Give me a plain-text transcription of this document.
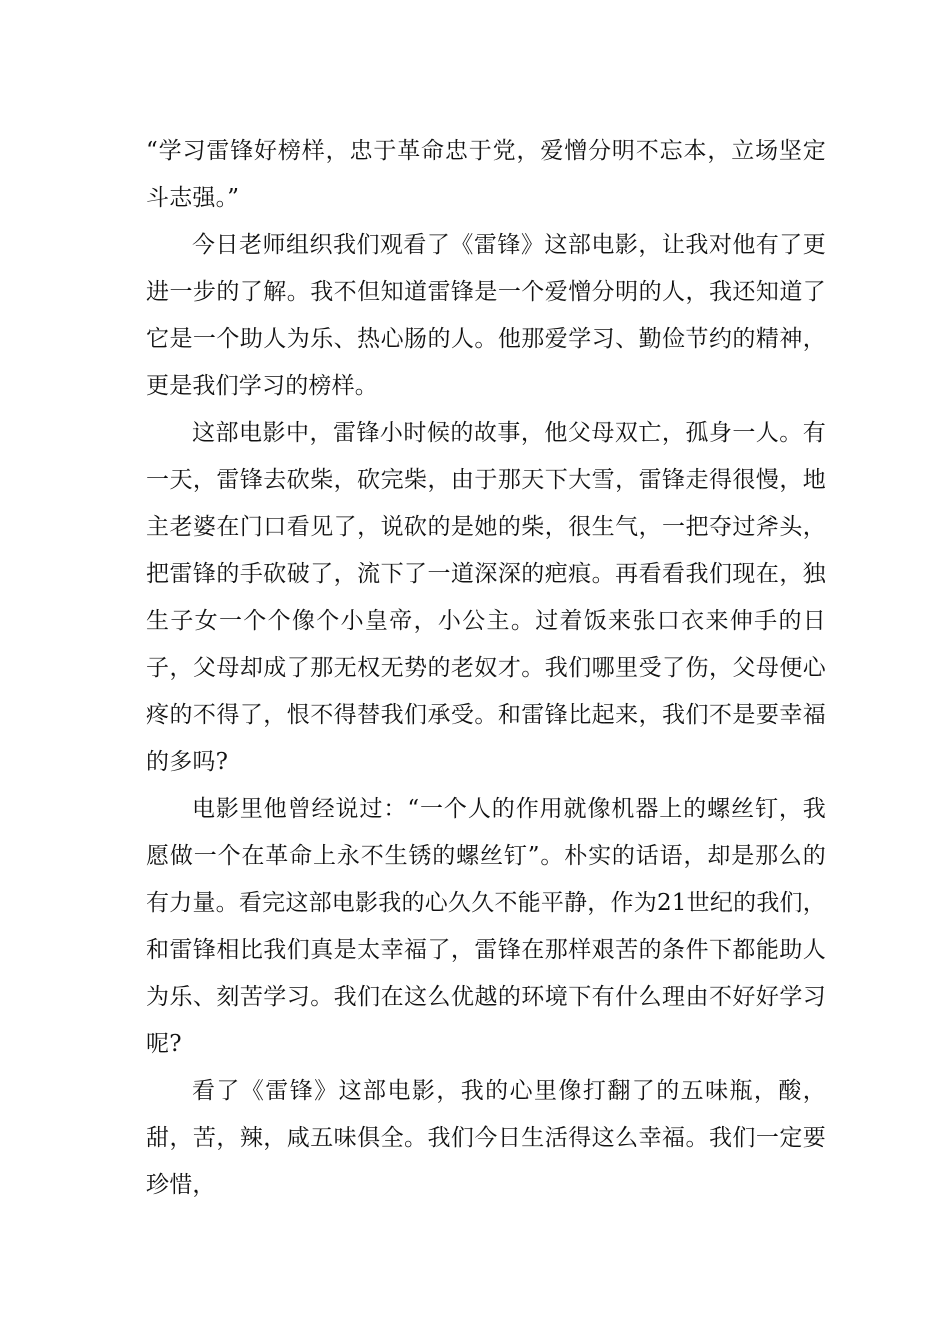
“学习雷锋好榜样，忠于革命忠于党，爱憎分明不忘本，立场坚定斗志强。”

今日老师组织我们观看了《雷锋》这部电影，让我对他有了更进一步的了解。我不但知道雷锋是一个爱憎分明的人，我还知道了它是一个助人为乐、热心肠的人。他那爱学习、勤俭节约的精神，更是我们学习的榜样。

这部电影中，雷锋小时候的故事，他父母双亡，孤身一人。有一天，雷锋去砍柴，砍完柴，由于那天下大雪，雷锋走得很慢，地主老婆在门口看见了，说砍的是她的柴，很生气，一把夺过斧头，把雷锋的手砍破了，流下了一道深深的疤痕。再看看我们现在，独生子女一个个像个小皇帝，小公主。过着饭来张口衣来伸手的日子，父母却成了那无权无势的老奴才。我们哪里受了伤，父母便心疼的不得了，恨不得替我们承受。和雷锋比起来，我们不是要幸福的多吗?

电影里他曾经说过：“一个人的作用就像机器上的螺丝钉，我愿做一个在革命上永不生锈的螺丝钉”。朴实的话语，却是那么的有力量。看完这部电影我的心久久不能平静，作为21世纪的我们，和雷锋相比我们真是太幸福了，雷锋在那样艰苦的条件下都能助人为乐、刻苦学习。我们在这么优越的环境下有什么理由不好好学习呢?

看了《雷锋》这部电影，我的心里像打翻了的五味瓶，酸，甜，苦，辣，咸五味俱全。我们今日生活得这么幸福。我们一定要珍惜，
